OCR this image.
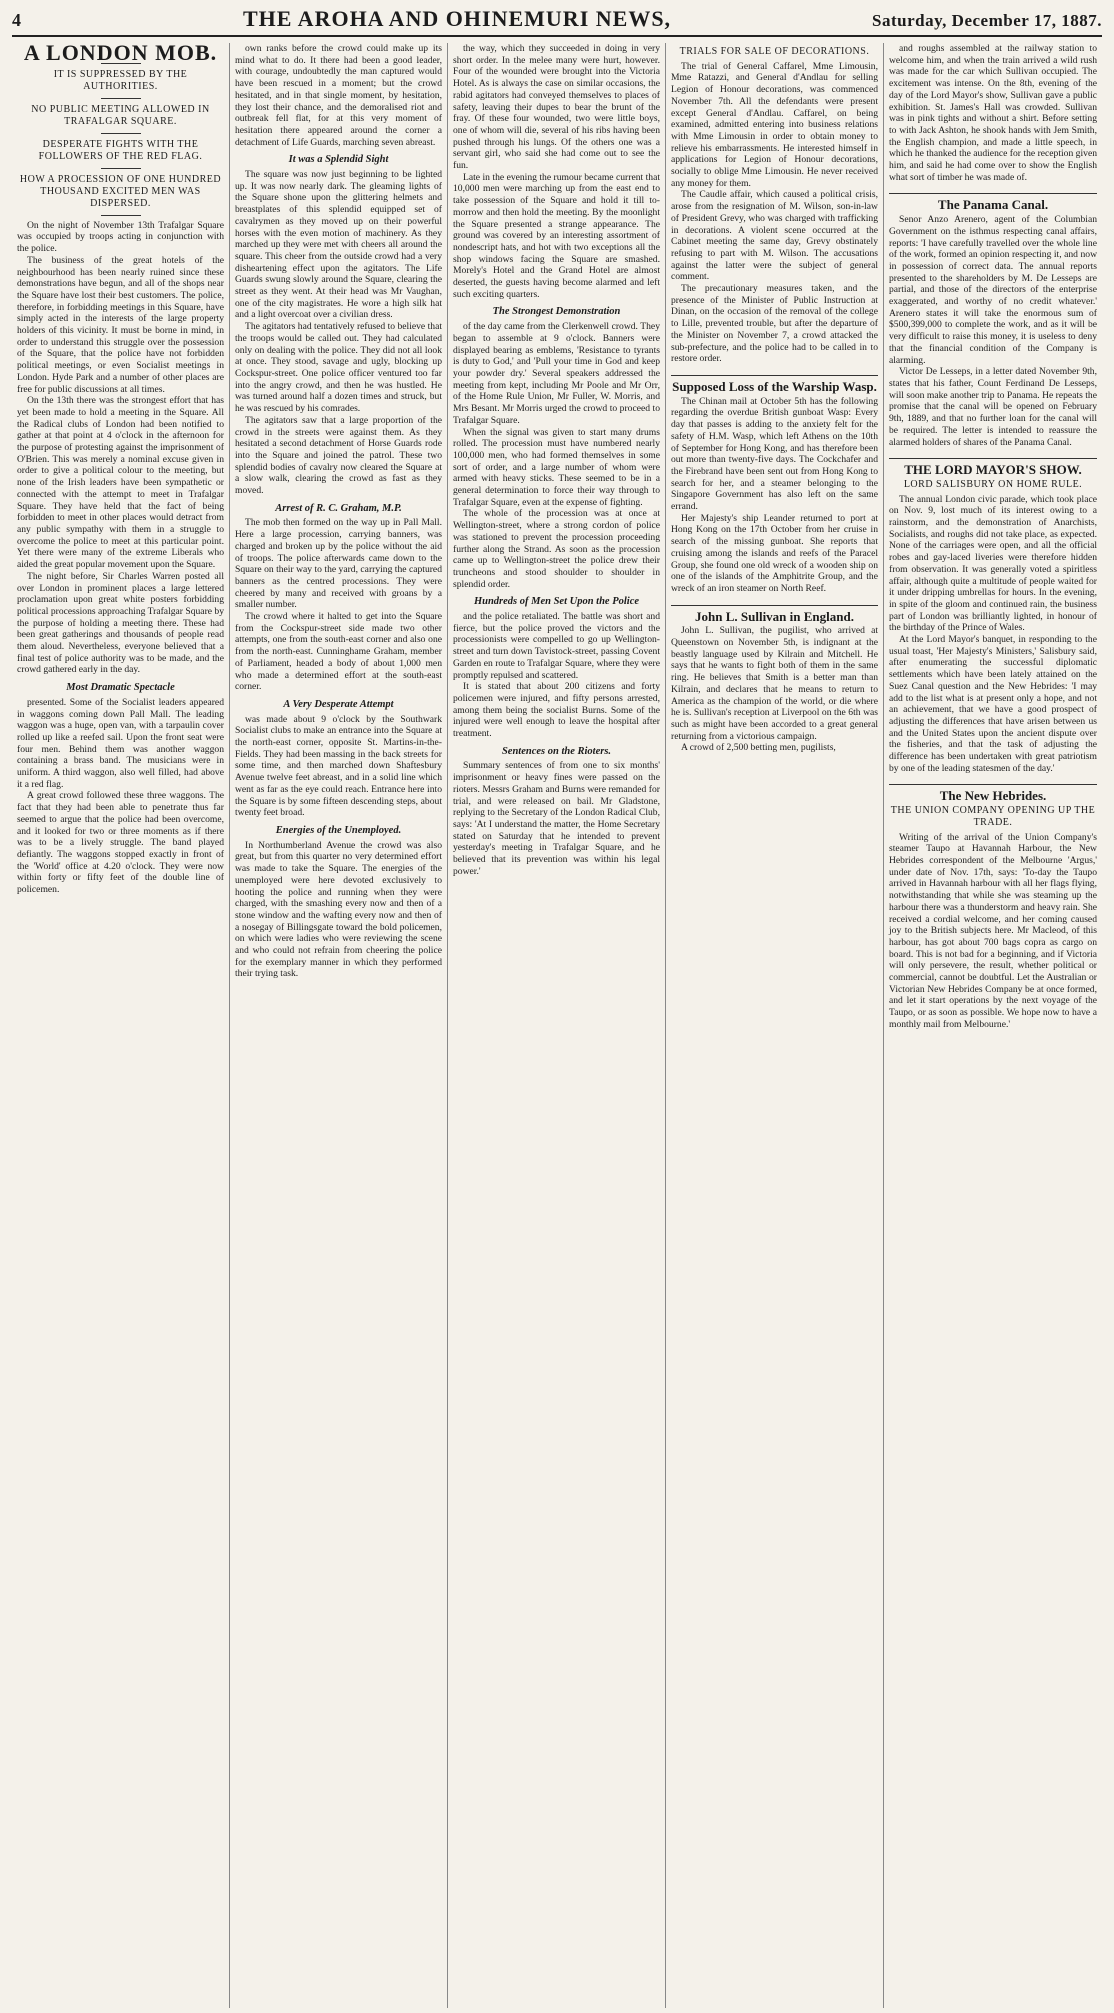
4	THE AROHA AND OHINEMURI NEWS,	Saturday, December 17, 1887.
A LONDON MOB.
IT IS SUPPRESSED BY THE AUTHORITIES.
NO PUBLIC MEETING ALLOWED IN TRAFALGAR SQUARE.
DESPERATE FIGHTS WITH THE FOLLOWERS OF THE RED FLAG.
HOW A PROCESSION OF ONE HUNDRED THOUSAND EXCITED MEN WAS DISPERSED.

On the night of November 13th Trafalgar Square was occupied by troops acting in conjunction with the police.

The business of the great hotels of the neighbourhood has been nearly ruined since these demonstrations have begun, and all of the shops near the Square have lost their best customers. The police, therefore, in forbidding meetings in this Square, have simply acted in the interests of the large property holders of this vicinity. It must be borne in mind, in order to understand this struggle over the possession of the Square, that the police have not forbidden political meetings, or even Socialist meetings in London. Hyde Park and a number of other places are free for public discussions at all times.

On the 13th there was the strongest effort that has yet been made to hold a meeting in the Square. All the Radical clubs of London had been notified to gather at that point at 4 o'clock in the afternoon for the purpose of protesting against the imprisonment of O'Brien. This was merely a nominal excuse given in order to give a political colour to the meeting, but none of the Irish leaders have been sympathetic or connected with the attempt to meet in Trafalgar Square. They have held that the fact of being forbidden to meet in other places would detract from any public sympathy with them in a struggle to overcome the police to meet at this particular point. Yet there were many of the extreme Liberals who aided the great popular movement upon the Square.

The night before, Sir Charles Warren posted all over London in prominent places a large lettered proclamation upon great white posters forbidding political processions approaching Trafalgar Square by the purpose of holding a meeting there. These had been great gatherings and thousands of people read them aloud. Nevertheless, everyone believed that a final test of police authority was to be made, and the crowd gathered early in the day.

Most Dramatic Spectacle

presented. Some of the Socialist leaders appeared in waggons coming down Pall Mall. The leading waggon was a huge, open van, with a tarpaulin cover rolled up like a reefed sail. Upon the front seat were four men. Behind them was another waggon containing a brass band. The musicians were in uniform. A third waggon, also well filled, had above it a red flag.

A great crowd followed these three waggons. The fact that they had been able to penetrate thus far seemed to argue that the police had been overcome, and it looked for two or three moments as if there was to be a lively struggle. The band played defiantly. The waggons stopped exactly in front of the 'World' office at 4.20 o'clock. They were now within forty or fifty feet of the double line of policemen.

own ranks before the crowd could make up its mind what to do. It there had been a good leader, with courage, undoubtedly the man captured would have been rescued in a moment; but the crowd hesitated, and in that single moment, by hesitation, they lost their chance, and the demoralised riot and outbreak fell flat, for at this very moment of hesitation there appeared around the corner a detachment of Life Guards, marching seven abreast.

It was a Splendid Sight

The square was now just beginning to be lighted up. It was now nearly dark. The gleaming lights of the Square shone upon the glittering helmets and breastplates of this splendid equipped set of cavalrymen as they moved up on their powerful horses with the even motion of machinery. As they marched up they were met with cheers all around the square. This cheer from the outside crowd had a very disheartening effect upon the agitators. The Life Guards swung slowly around the Square, clearing the street as they went. At their head was Mr Vaughan, one of the city magistrates. He wore a high silk hat and a light overcoat over a civilian dress.

The agitators had tentatively refused to believe that the troops would be called out. They had calculated only on dealing with the police. They did not all look at once. They stood, savage and ugly, blocking up Cockspur-street. One police officer ventured too far into the angry crowd, and then he was hustled. He was turned around half a dozen times and struck, but he was rescued by his comrades.

The agitators saw that a large proportion of the crowd in the streets were against them. As they hesitated a second detachment of Horse Guards rode into the Square and joined the patrol. These two splendid bodies of cavalry now cleared the Square at a slow walk, clearing the crowd as fast as they moved.

Arrest of R. C. Graham, M.P.

The mob then formed on the way up in Pall Mall. Here a large procession, carrying banners, was charged and broken up by the police without the aid of troops. The police afterwards came down to the Square on their way to the yard, carrying the captured banners as the centred processions. They were cheered by many and received with groans by a smaller number.

The crowd where it halted to get into the Square from the Cockspur-street side made two other attempts, one from the south-east corner and also one from the north-east. Cunninghame Graham, member of Parliament, headed a body of about 1,000 men who made a determined effort at the south-east corner.

A Very Desperate Attempt

was made about 9 o'clock by the Southwark Socialist clubs to make an entrance into the Square at the north-east corner, opposite St. Martins-in-the-Fields. They had been massing in the back streets for some time, and then marched down Shaftesbury Avenue twelve feet abreast, and in a solid line which went as far as the eye could reach. Entrance here into the Square is by some fifteen descending steps, about twenty feet broad.

Energies of the Unemployed.

In Northumberland Avenue the crowd was also great, but from this quarter no very determined effort was made to take the Square. The energies of the unemployed were here devoted exclusively to hooting the police and running when they were charged, with the smashing every now and then of a stone window and the wafting every now and then of a nosegay of Billingsgate toward the bold policemen, on which were ladies who were reviewing the scene and who could not refrain from cheering the police for the exemplary manner in which they performed their trying task.

the way, which they succeeded in doing in very short order. In the melee many were hurt, however. Four of the wounded were brought into the Victoria Hotel. As is always the case on similar occasions, the rabid agitators had conveyed themselves to places of safety, leaving their dupes to bear the brunt of the fray. Of these four wounded, two were little boys, one of whom will die, several of his ribs having been pushed through his lungs. Of the others one was a servant girl, who said she had come out to see the fun.

Late in the evening the rumour became current that 10,000 men were marching up from the east end to take possession of the Square and hold it till to-morrow and then hold the meeting. By the moonlight the Square presented a strange appearance. The ground was covered by an interesting assortment of nondescript hats, and hot with two exceptions all the shop windows facing the Square are smashed. Morely's Hotel and the Grand Hotel are almost deserted, the guests having become alarmed and left such exciting quarters.

The Strongest Demonstration

of the day came from the Clerkenwell crowd. They began to assemble at 9 o'clock. Banners were displayed bearing as emblems, 'Resistance to tyrants is duty to God,' and 'Pull your time in God and keep your powder dry.' Several speakers addressed the meeting from kept, including Mr Poole and Mr Orr, of the Home Rule Union, Mr Fuller, W. Morris, and Mrs Besant. Mr Morris urged the crowd to proceed to Trafalgar Square.

When the signal was given to start many drums rolled. The procession must have numbered nearly 100,000 men, who had formed themselves in some sort of order, and a large number of whom were armed with heavy sticks. These seemed to be in a general determination to force their way through to Trafalgar Square, even at the expense of fighting.

The whole of the procession was at once at Wellington-street, where a strong cordon of police was stationed to prevent the procession proceeding further along the Strand. As soon as the procession came up to Wellington-street the police drew their truncheons and stood shoulder to shoulder in splendid order.

Hundreds of Men Set Upon the Police

and the police retaliated. The battle was short and fierce, but the police proved the victors and the processionists were compelled to go up Wellington-street and turn down Tavistock-street, passing Covent Garden en route to Trafalgar Square, where they were promptly repulsed and scattered.

It is stated that about 200 citizens and forty policemen were injured, and fifty persons arrested, among them being the socialist Burns. Some of the injured were well enough to leave the hospital after treatment.

Sentences on the Rioters.

Summary sentences of from one to six months' imprisonment or heavy fines were passed on the rioters. Messrs Graham and Burns were remanded for trial, and were released on bail. Mr Gladstone, replying to the Secretary of the London Radical Club, says: 'At I understand the matter, the Home Secretary stated on Saturday that he intended to prevent yesterday's meeting in Trafalgar Square, and he believed that its prevention was within his legal power.'

TRIALS FOR SALE OF DECORATIONS.

The trial of General Caffarel, Mme Limousin, Mme Ratazzi, and General d'Andlau for selling Legion of Honour decorations, was commenced November 7th. All the defendants were present except General d'Andlau. Caffarel, on being examined, admitted entering into business relations with Mme Limousin in order to obtain money to relieve his embarrassments. He interested himself in applications for Legion of Honour decorations, socially to oblige Mme Limousin. He never received any money for them.

The Caudle affair, which caused a political crisis, arose from the resignation of M. Wilson, son-in-law of President Grevy, who was charged with trafficking in decorations. A violent scene occurred at the Cabinet meeting the same day, Grevy obstinately refusing to part with M. Wilson. The accusations against the latter were the subject of general comment.

The precautionary measures taken, and the presence of the Minister of Public Instruction at Dinan, on the occasion of the removal of the college to Lille, prevented trouble, but after the departure of the Minister on November 7, a crowd attacked the sub-prefecture, and the police had to be called in to restore order.

Supposed Loss of the Warship Wasp.

The Chinan mail at October 5th has the following regarding the overdue British gunboat Wasp: Every day that passes is adding to the anxiety felt for the safety of H.M. Wasp, which left Athens on the 10th of September for Hong Kong, and has therefore been out more than twenty-five days. The Cockchafer and the Firebrand have been sent out from Hong Kong to search for her, and a steamer belonging to the Singapore Government has also left on the same errand.

Her Majesty's ship Leander returned to port at Hong Kong on the 17th October from her cruise in search of the missing gunboat. She reports that cruising among the islands and reefs of the Paracel Group, she found one old wreck of a wooden ship on one of the islands of the Amphitrite Group, and the wreck of an iron steamer on North Reef.

John L. Sullivan in England.

John L. Sullivan, the pugilist, who arrived at Queenstown on November 5th, is indignant at the beastly language used by Kilrain and Mitchell. He says that he wants to fight both of them in the same ring. He believes that Smith is a better man than Kilrain, and declares that he means to return to America as the champion of the world, or die where he is. Sullivan's reception at Liverpool on the 6th was such as might have been accorded to a great general returning from a victorious campaign.

A crowd of 2,500 betting men, pugilists,

and roughs assembled at the railway station to welcome him, and when the train arrived a wild rush was made for the car which Sullivan occupied. The excitement was intense. On the 8th, evening of the day of the Lord Mayor's show, Sullivan gave a public exhibition. St. James's Hall was crowded. Sullivan was in pink tights and without a shirt. Before setting to with Jack Ashton, he shook hands with Jem Smith, the English champion, and made a little speech, in which he thanked the audience for the reception given him, and said he had come over to show the English what sort of timber he was made of.

The Panama Canal.

Senor Anzo Arenero, agent of the Columbian Government on the isthmus respecting canal affairs, reports: 'I have carefully travelled over the whole line of the work, formed an opinion respecting it, and now in possession of correct data. The annual reports presented to the shareholders by M. De Lesseps are partial, and those of the directors of the enterprise exaggerated, and worthy of no credit whatever.' Arenero states it will take the enormous sum of $500,399,000 to complete the work, and as it will be very difficult to raise this money, it is useless to deny that the financial condition of the Company is alarming.

Victor De Lesseps, in a letter dated November 9th, states that his father, Count Ferdinand De Lesseps, will soon make another trip to Panama. He repeats the promise that the canal will be opened on February 9th, 1889, and that no further loan for the canal will be required. The letter is intended to reassure the alarmed holders of shares of the Panama Canal.

THE LORD MAYOR'S SHOW.
LORD SALISBURY ON HOME RULE.

The annual London civic parade, which took place on Nov. 9, lost much of its interest owing to a rainstorm, and the demonstration of Anarchists, Socialists, and roughs did not take place, as expected. None of the carriages were open, and all the official robes and gay-laced liveries were therefore hidden from observation. It was generally voted a spiritless affair, although quite a multitude of people waited for it under dripping umbrellas for hours. In the evening, in spite of the gloom and continued rain, the business part of London was brilliantly lighted, in honour of the birthday of the Prince of Wales.

At the Lord Mayor's banquet, in responding to the usual toast, 'Her Majesty's Ministers,' Salisbury said, after enumerating the successful diplomatic settlements which have been lately attained on the Suez Canal question and the New Hebrides: 'I may add to the list what is at present only a hope, and not an achievement, that we have a good prospect of adjusting the differences that have arisen between us and the United States upon the ancient dispute over the fisheries, and that the task of adjusting the difference has been undertaken with great patriotism by one of the leading statesmen of the day.'

The New Hebrides.
THE UNION COMPANY OPENING UP THE TRADE.

Writing of the arrival of the Union Company's steamer Taupo at Havannah Harbour, the New Hebrides correspondent of the Melbourne 'Argus,' under date of Nov. 17th, says: 'To-day the Taupo arrived in Havannah harbour with all her flags flying, notwithstanding that while she was steaming up the harbour there was a thunderstorm and heavy rain. She received a cordial welcome, and her coming caused joy to the British subjects here. Mr Macleod, of this harbour, has got about 700 bags copra as cargo on board. This is not bad for a beginning, and if Victoria will only persevere, the result, whether political or commercial, cannot be doubtful. Let the Australian or Victorian New Hebrides Company be at once formed, and let it start operations by the next voyage of the Taupo, or as soon as possible. We hope now to have a monthly mail from Melbourne.'
